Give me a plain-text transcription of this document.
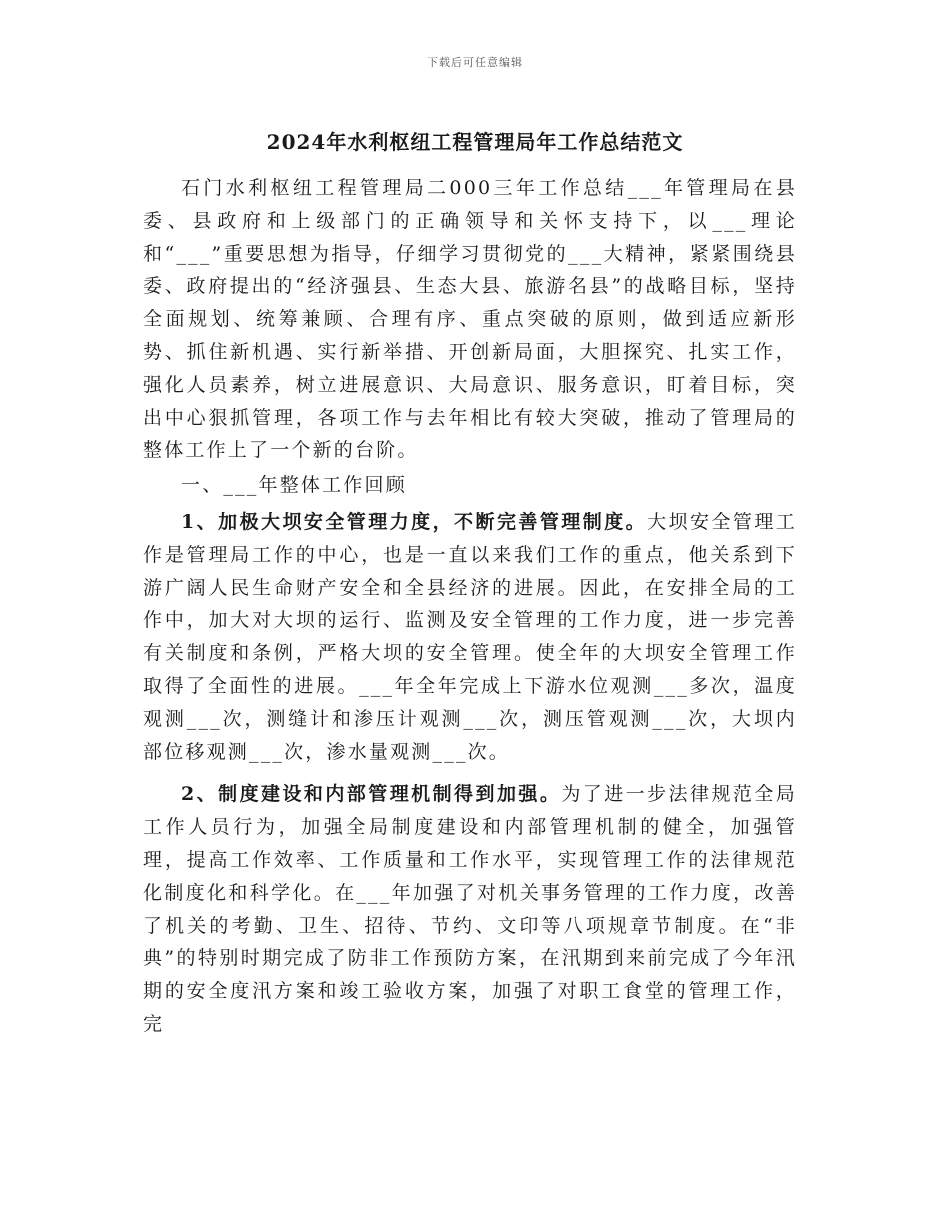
下载后可任意编辑
2024年水利枢纽工程管理局年工作总结范文

石门水利枢纽工程管理局二000三年工作总结___年管理局在县委、县政府和上级部门的正确领导和关怀支持下，以___理论和“___”重要思想为指导，仔细学习贯彻党的___大精神，紧紧围绕县委、政府提出的“经济强县、生态大县、旅游名县”的战略目标，坚持全面规划、统筹兼顾、合理有序、重点突破的原则，做到适应新形势、抓住新机遇、实行新举措、开创新局面，大胆探究、扎实工作，强化人员素养，树立进展意识、大局意识、服务意识，盯着目标，突出中心狠抓管理，各项工作与去年相比有较大突破，推动了管理局的整体工作上了一个新的台阶。

一、___年整体工作回顾

1、加极大坝安全管理力度，不断完善管理制度。大坝安全管理工作是管理局工作的中心，也是一直以来我们工作的重点，他关系到下游广阔人民生命财产安全和全县经济的进展。因此，在安排全局的工作中，加大对大坝的运行、监测及安全管理的工作力度，进一步完善有关制度和条例，严格大坝的安全管理。使全年的大坝安全管理工作取得了全面性的进展。___年全年完成上下游水位观测___多次，温度观测___次，测缝计和渗压计观测___次，测压管观测___次，大坝内部位移观测___次，渗水量观测___次。

2、制度建设和内部管理机制得到加强。为了进一步法律规范全局工作人员行为，加强全局制度建设和内部管理机制的健全，加强管理，提高工作效率、工作质量和工作水平，实现管理工作的法律规范化制度化和科学化。在___年加强了对机关事务管理的工作力度，改善了机关的考勤、卫生、招待、节约、文印等八项规章节制度。在“非典”的特别时期完成了防非工作预防方案，在汛期到来前完成了今年汛期的安全度汛方案和竣工验收方案，加强了对职工食堂的管理工作，完
